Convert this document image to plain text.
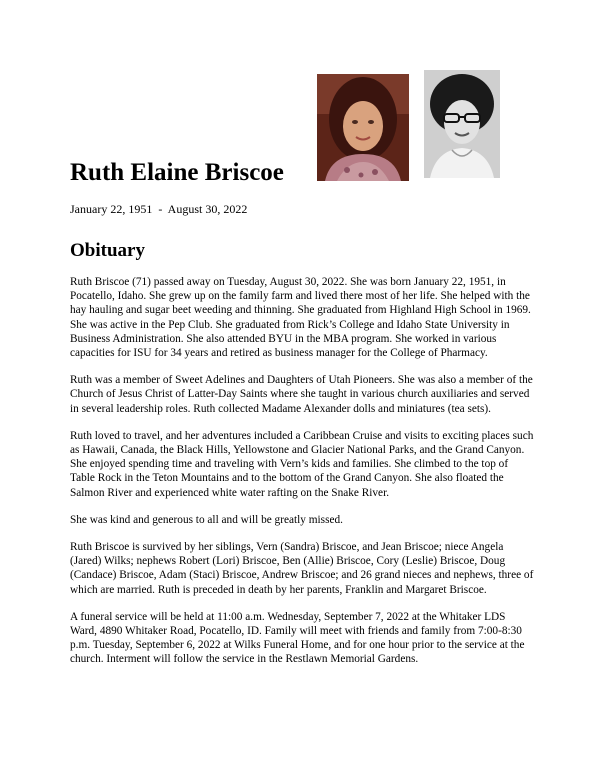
Ruth Elaine Briscoe
January 22, 1951  -  August 30, 2022
Obituary

Ruth Briscoe (71) passed away on Tuesday, August 30, 2022. She was born January 22, 1951, in Pocatello, Idaho. She grew up on the family farm and lived there most of her life. She helped with the hay hauling and sugar beet weeding and thinning. She graduated from Highland High School in 1969. She was active in the Pep Club. She graduated from Rick’s College and Idaho State University in Business Administration. She also attended BYU in the MBA program. She worked in various capacities for ISU for 34 years and retired as business manager for the College of Pharmacy.

Ruth was a member of Sweet Adelines and Daughters of Utah Pioneers. She was also a member of the Church of Jesus Christ of Latter-Day Saints where she taught in various church auxiliaries and served in several leadership roles. Ruth collected Madame Alexander dolls and miniatures (tea sets).

Ruth loved to travel, and her adventures included a Caribbean Cruise and visits to exciting places such as Hawaii, Canada, the Black Hills, Yellowstone and Glacier National Parks, and the Grand Canyon. She enjoyed spending time and traveling with Vern’s kids and families. She climbed to the top of Table Rock in the Teton Mountains and to the bottom of the Grand Canyon. She also floated the Salmon River and experienced white water rafting on the Snake River.

She was kind and generous to all and will be greatly missed.

Ruth Briscoe is survived by her siblings, Vern (Sandra) Briscoe, and Jean Briscoe; niece Angela (Jared) Wilks; nephews Robert (Lori) Briscoe, Ben (Allie) Briscoe, Cory (Leslie) Briscoe, Doug (Candace) Briscoe, Adam (Staci) Briscoe, Andrew Briscoe; and 26 grand nieces and nephews, three of which are married. Ruth is preceded in death by her parents, Franklin and Margaret Briscoe.

A funeral service will be held at 11:00 a.m. Wednesday, September 7, 2022 at the Whitaker LDS Ward, 4890 Whitaker Road, Pocatello, ID. Family will meet with friends and family from 7:00-8:30 p.m. Tuesday, September 6, 2022 at Wilks Funeral Home, and for one hour prior to the service at the church. Interment will follow the service in the Restlawn Memorial Gardens.
